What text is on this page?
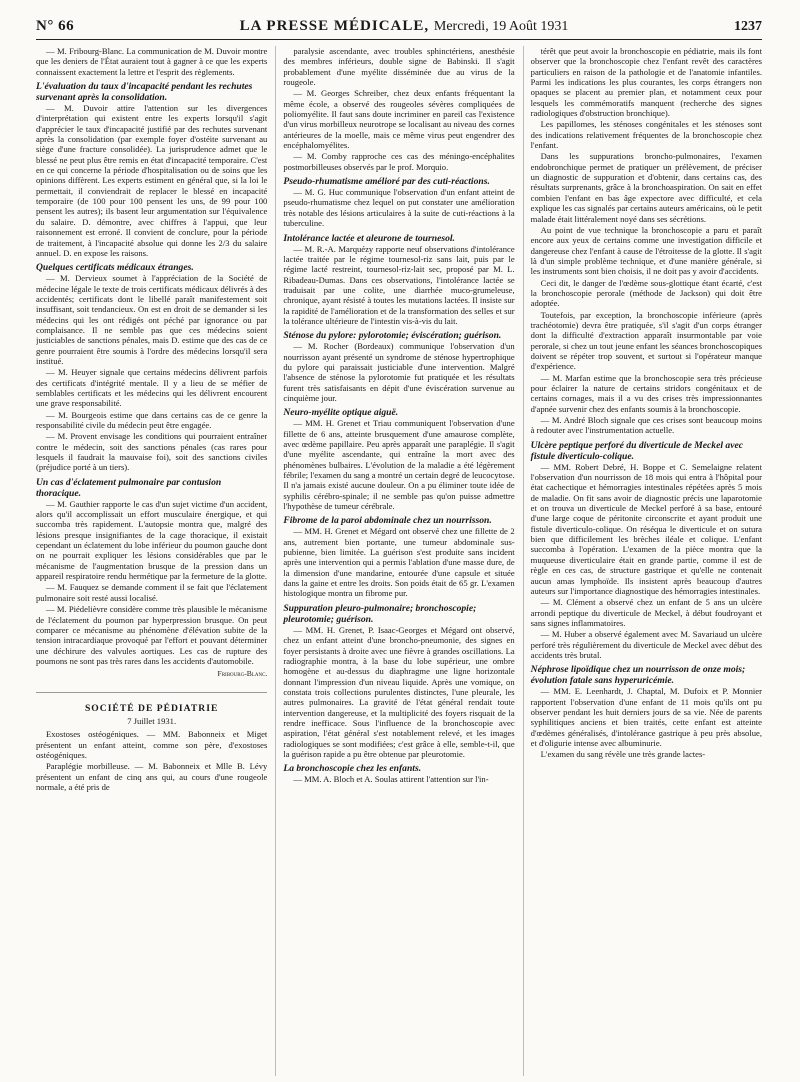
N° 66	LA PRESSE MÉDICALE, Mercredi, 19 Août 1931	1237

— M. Fribourg-Blanc. La communication de M. Duvoir montre que les deniers de l'État auraient tout à gagner à ce que les experts connaissent exactement la lettre et l'esprit des règlements.

L'évaluation du taux d'incapacité pendant les rechutes survenant après la consolidation.

— M. Duvoir attire l'attention sur les divergences d'interprétation qui existent entre les experts lorsqu'il s'agit d'apprécier le taux d'incapacité justifié par des rechutes survenant après la consolidation (par exemple foyer d'ostéite survenant au siège d'une fracture consolidée). La jurisprudence admet que le blessé ne peut plus être remis en état d'incapacité temporaire. C'est en ce qui concerne la période d'hospitalisation ou de soins que les opinions diffèrent. Les experts estiment en général que, si la loi le permettait, il conviendrait de replacer le blessé en incapacité temporaire (de 100 pour 100 pensent les uns, de 99 pour 100 pensent les autres); ils basent leur argumentation sur l'équivalence du salaire. D. démontre, avec chiffres à l'appui, que leur raisonnement est erroné. Il convient de conclure, pour la période de traitement, à l'incapacité absolue qui donne les 2/3 du salaire annuel. D. en expose les raisons.

Quelques certificats médicaux étranges.

— M. Dervieux soumet à l'appréciation de la Société de médecine légale le texte de trois certificats médicaux délivrés à des accidentés; certificats dont le libellé paraît manifestement soit insuffisant, soit tendancieux. On est en droit de se demander si les médecins qui les ont rédigés ont péché par ignorance ou par complaisance. Il ne semble pas que ces médecins soient justiciables de sanctions pénales, mais D. estime que des cas de ce genre pourraient être soumis à l'ordre des médecins lorsqu'il sera institué.

— M. Heuyer signale que certains médecins délivrent parfois des certificats d'intégrité mentale. Il y a lieu de se méfier de semblables certificats et les médecins qui les délivrent encourent une grave responsabilité.

— M. Bourgeois estime que dans certains cas de ce genre la responsabilité civile du médecin peut être engagée.

— M. Provent envisage les conditions qui pourraient entraîner contre le médecin, soit des sanctions pénales (cas rares pour lesquels il faudrait la mauvaise foi), soit des sanctions civiles (préjudice porté à un tiers).

Un cas d'éclatement pulmonaire par contusion thoracique.

— M. Gauthier rapporte le cas d'un sujet victime d'un accident, alors qu'il accomplissait un effort musculaire énergique, et qui succomba très rapidement. L'autopsie montra que, malgré des lésions presque insignifiantes de la cage thoracique, il existait cependant un éclatement du lobe inférieur du poumon gauche dont on ne pourrait expliquer les lésions considérables que par le mécanisme de l'augmentation brusque de la pression dans un appareil respiratoire rendu hermétique par la fermeture de la glotte.

— M. Fauquez se demande comment il se fait que l'éclatement pulmonaire soit resté aussi localisé.

— M. Piédelièvre considère comme très plausible le mécanisme de l'éclatement du poumon par hyperpression brusque. On peut comparer ce mécanisme au phénomène d'élévation subite de la tension intracardiaque provoqué par l'effort et pouvant déterminer une déchirure des valvules aortiques. Les cas de rupture des poumons ne sont pas très rares dans les accidents d'automobile.

Fribourg-Blanc.
SOCIÉTÉ DE PÉDIATRIE
7 Juillet 1931.

Exostoses ostéogéniques. — MM. Babonneix et Miget présentent un enfant atteint, comme son père, d'exostoses ostéogéniques.

Paraplégie morbilleuse. — M. Babonneix et Mlle B. Lévy présentent un enfant de cinq ans qui, au cours d'une rougeole normale, a été pris de

paralysie ascendante, avec troubles sphinctériens, anesthésie des membres inférieurs, double signe de Babinski. Il s'agit probablement d'une myélite disséminée due au virus de la rougeole.

— M. Georges Schreiber, chez deux enfants fréquentant la même école, a observé des rougeoles sévères compliquées de poliomyélite. Il faut sans doute incriminer en pareil cas l'existence d'un virus morbilleux neurotrope se localisant au niveau des cornes antérieures de la moelle, mais ce même virus peut engendrer des encéphalomyélites.

— M. Comby rapproche ces cas des méningo-encéphalites postmorbilleuses observés par le prof. Morquio.

Pseudo-rhumatisme amélioré par des cuti-réactions.

— M. G. Huc communique l'observation d'un enfant atteint de pseudo-rhumatisme chez lequel on put constater une amélioration très notable des lésions articulaires à la suite de cuti-réactions à la tuberculine.

Intolérance lactée et aleurone de tournesol.

— M. R.-A. Marquézy rapporte neuf observations d'intolérance lactée traitée par le régime tournesol-riz sans lait, puis par le régime lacté restreint, tournesol-riz-lait sec, proposé par M. L. Ribadeau-Dumas. Dans ces observations, l'intolérance lactée se traduisait par une colite, une diarrhée muco-grumeleuse, chronique, ayant résisté à toutes les mutations lactées. Il insiste sur la rapidité de l'amélioration et de la transformation des selles et sur la tolérance ultérieure de l'intestin vis-à-vis du lait.

Sténose du pylore: pylorotomie; éviscération; guérison.

— M. Rocher (Bordeaux) communique l'observation d'un nourrisson ayant présenté un syndrome de sténose hypertrophique du pylore qui paraissait justiciable d'une intervention. Malgré l'absence de sténose la pylorotomie fut pratiquée et les résultats furent très satisfaisants en dépit d'une éviscération survenue au cinquième jour.

Neuro-myélite optique aiguë.

— MM. H. Grenet et Triau communiquent l'observation d'une fillette de 6 ans, atteinte brusquement d'une amaurose complète, avec œdème papillaire. Peu après apparaît une paraplégie. Il s'agit d'une myélite ascendante, qui entraîne la mort avec des phénomènes bulbaires. L'évolution de la maladie a été légèrement fébrile; l'examen du sang a montré un certain degré de leucocytose. Il n'a jamais existé aucune douleur. On a pu éliminer toute idée de syphilis cérébro-spinale; il ne semble pas qu'on puisse admettre l'hypothèse de tumeur cérébrale.

Fibrome de la paroi abdominale chez un nourrisson.

— MM. H. Grenet et Mégard ont observé chez une fillette de 2 ans, autrement bien portante, une tumeur abdominale sus-pubienne, bien limitée. La guérison s'est produite sans incident après une intervention qui a permis l'ablation d'une masse dure, de la dimension d'une mandarine, entourée d'une capsule et située dans la gaine et entre les droits. Son poids était de 65 gr. L'examen histologique montra un fibrome pur.

Suppuration pleuro-pulmonaire; bronchoscopie; pleurotomie; guérison.

— MM. H. Grenet, P. Isaac-Georges et Mégard ont observé, chez un enfant atteint d'une broncho-pneumonie, des signes en foyer persistants à droite avec une fièvre à grandes oscillations. La radiographie montra, à la base du lobe supérieur, une ombre homogène et au-dessus du diaphragme une ligne horizontale donnant l'impression d'un niveau liquide. Après une vomique, on constata trois collections purulentes distinctes, l'une pleurale, les autres pulmonaires. La gravité de l'état général rendait toute intervention dangereuse, et la multiplicité des foyers risquait de la rendre inefficace. Sous l'influence de la bronchoscopie avec aspiration, l'état général s'est notablement relevé, et les images radiologiques se sont modifiées; c'est grâce à elle, semble-t-il, que la guérison rapide a pu être obtenue par pleurotomie.

La bronchoscopie chez les enfants.

— MM. A. Bloch et A. Soulas attirent l'attention sur l'in-

térêt que peut avoir la bronchoscopie en pédiatrie, mais ils font observer que la bronchoscopie chez l'enfant revêt des caractères particuliers en raison de la pathologie et de l'anatomie infantiles. Parmi les indications les plus courantes, les corps étrangers non opaques se placent au premier plan, et notamment ceux pour lesquels les commémoratifs manquent (recherche des signes radiologiques d'obstruction bronchique).

Les papillomes, les sténoses congénitales et les sténoses sont des indications relativement fréquentes de la bronchoscopie chez l'enfant.

Dans les suppurations broncho-pulmonaires, l'examen endobronchique permet de pratiquer un prélèvement, de préciser un diagnostic de suppuration et d'obtenir, dans certains cas, des résultats surprenants, grâce à la bronchoaspiration. On sait en effet combien l'enfant en bas âge expectore avec difficulté, et cela explique les cas signalés par certains auteurs américains, où le petit malade était littéralement noyé dans ses sécrétions.

Au point de vue technique la bronchoscopie a paru et paraît encore aux yeux de certains comme une investigation difficile et dangereuse chez l'enfant à cause de l'étroitesse de la glotte. Il s'agit là d'un simple problème technique, et d'une manière générale, si les instruments sont bien choisis, il ne doit pas y avoir d'accidents.

Ceci dit, le danger de l'œdème sous-glottique étant écarté, c'est la bronchoscopie perorale (méthode de Jackson) qui doit être adoptée.

Toutefois, par exception, la bronchoscopie inférieure (après trachéotomie) devra être pratiquée, s'il s'agit d'un corps étranger dont la difficulté d'extraction apparaît insurmontable par voie perorale, si chez un tout jeune enfant les séances bronchoscopiques doivent se répéter trop souvent, et surtout si l'opérateur manque d'expérience.

— M. Marfan estime que la bronchoscopie sera très précieuse pour éclairer la nature de certains stridors congénitaux et de certains cornages, mais il a vu des crises très impressionnantes d'apnée survenir chez des enfants soumis à la bronchoscopie.

— M. André Bloch signale que ces crises sont beaucoup moins à redouter avec l'instrumentation actuelle.

Ulcère peptique perforé du diverticule de Meckel avec fistule diverticulo-colique.

— MM. Robert Debré, H. Boppe et C. Semelaigne relatent l'observation d'un nourrisson de 18 mois qui entra à l'hôpital pour état cachectique et hémorragies intestinales répétées après 5 mois de maladie. On fit sans avoir de diagnostic précis une laparotomie et on trouva un diverticule de Meckel perforé à sa base, entouré d'une large coque de péritonite circonscrite et ayant produit une fistule diverticulo-colique. On réséqua le diverticule et on sutura bien que difficilement les brèches iléale et colique. L'enfant succomba à l'opération. L'examen de la pièce montra que la muqueuse diverticulaire était en grande partie, comme il est de règle en ces cas, de structure gastrique et qu'elle ne contenait aucun amas lymphoïde. Ils insistent après beaucoup d'autres auteurs sur l'importance diagnostique des hémorragies intestinales.

— M. Clément a observé chez un enfant de 5 ans un ulcère arrondi peptique du diverticule de Meckel, à début foudroyant et sans signes inflammatoires.

— M. Huber a observé également avec M. Savariaud un ulcère perforé très régulièrement du diverticule de Meckel avec début des accidents très brutal.

Néphrose lipoïdique chez un nourrisson de onze mois; évolution fatale sans hyperuricémie.

— MM. E. Leenhardt, J. Chaptal, M. Dufoix et P. Monnier rapportent l'observation d'une enfant de 11 mois qu'ils ont pu observer pendant les huit derniers jours de sa vie. Née de parents syphilitiques anciens et bien traités, cette enfant est atteinte d'œdèmes généralisés, d'intolérance gastrique à peu près absolue, et d'oligurie intense avec albuminurie.

L'examen du sang révèle une très grande lactes-
